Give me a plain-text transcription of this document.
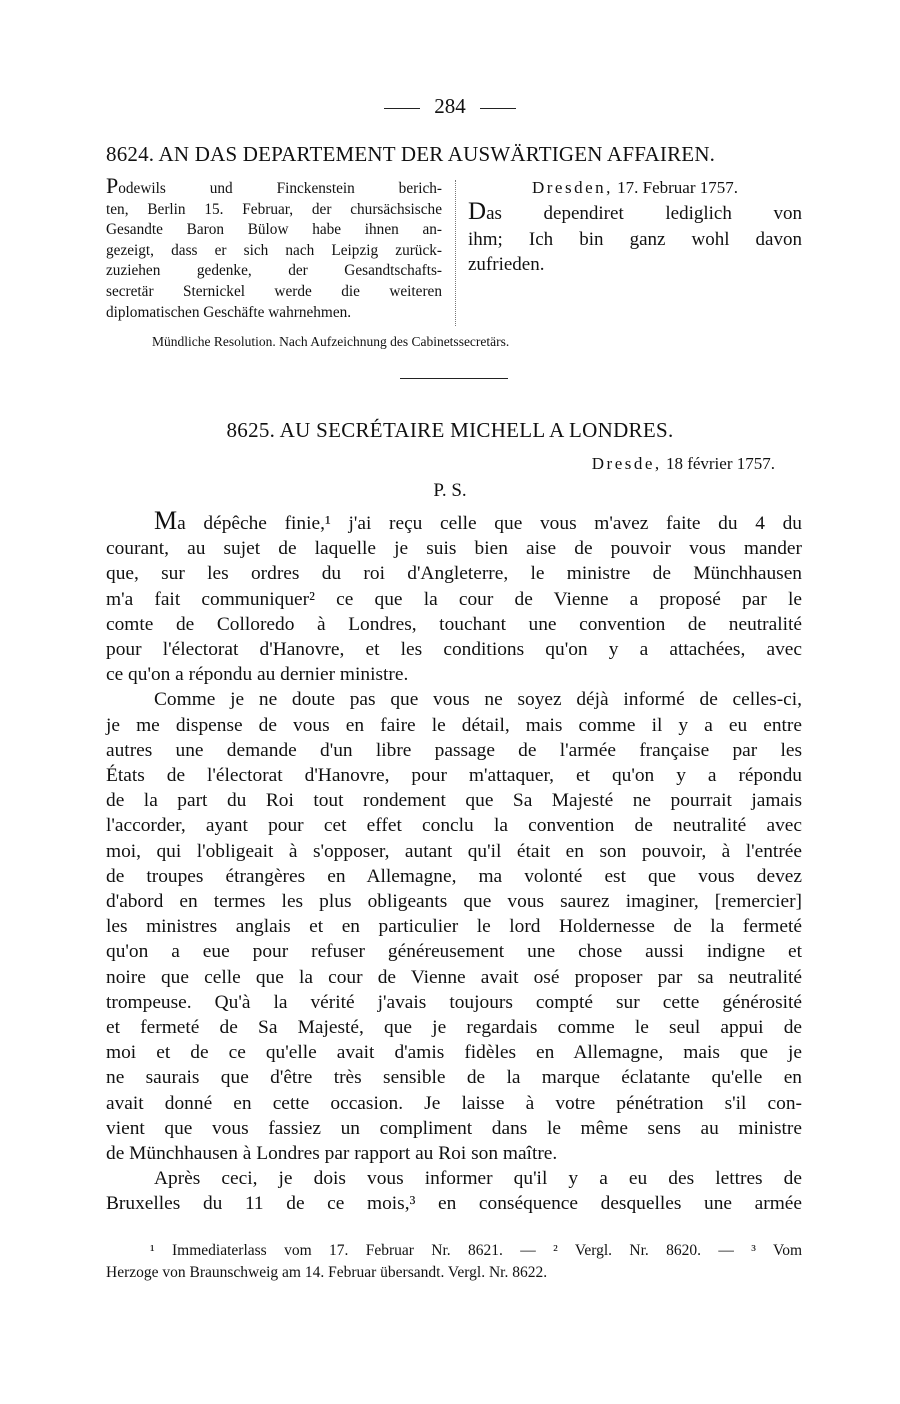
284
8624. AN DAS DEPARTEMENT DER AUSWÄRTIGEN AFFAIREN.
Podewils und Finckenstein berich-
ten, Berlin 15. Februar, der chursächsische
Gesandte Baron Bülow habe ihnen an-
gezeigt, dass er sich nach Leipzig zurück-
zuziehen gedenke, der Gesandtschafts-
secretär Sternickel werde die weiteren
diplomatischen Geschäfte wahrnehmen.
Dresden, 17. Februar 1757.
Das dependiret lediglich von
ihm; Ich bin ganz wohl davon
zufrieden.
Mündliche Resolution. Nach Aufzeichnung des Cabinetssecretärs.
8625. AU SECRÉTAIRE MICHELL A LONDRES.
Dresde, 18 février 1757.
P. S.
Ma dépêche finie,¹ j'ai reçu celle que vous m'avez faite du 4 du
courant, au sujet de laquelle je suis bien aise de pouvoir vous mander
que, sur les ordres du roi d'Angleterre, le ministre de Münchhausen
m'a fait communiquer² ce que la cour de Vienne a proposé par le
comte de Colloredo à Londres, touchant une convention de neutralité
pour l'électorat d'Hanovre, et les conditions qu'on y a attachées, avec
ce qu'on a répondu au dernier ministre.
Comme je ne doute pas que vous ne soyez déjà informé de celles-ci,
je me dispense de vous en faire le détail, mais comme il y a eu entre
autres une demande d'un libre passage de l'armée française par les
États de l'électorat d'Hanovre, pour m'attaquer, et qu'on y a répondu
de la part du Roi tout rondement que Sa Majesté ne pourrait jamais
l'accorder, ayant pour cet effet conclu la convention de neutralité avec
moi, qui l'obligeait à s'opposer, autant qu'il était en son pouvoir, à l'entrée
de troupes étrangères en Allemagne, ma volonté est que vous devez
d'abord en termes les plus obligeants que vous saurez imaginer, [remercier]
les ministres anglais et en particulier le lord Holdernesse de la fermeté
qu'on a eue pour refuser généreusement une chose aussi indigne et
noire que celle que la cour de Vienne avait osé proposer par sa neutralité
trompeuse. Qu'à la vérité j'avais toujours compté sur cette générosité
et fermeté de Sa Majesté, que je regardais comme le seul appui de
moi et de ce qu'elle avait d'amis fidèles en Allemagne, mais que je
ne saurais que d'être très sensible de la marque éclatante qu'elle en
avait donné en cette occasion. Je laisse à votre pénétration s'il con-
vient que vous fassiez un compliment dans le même sens au ministre
de Münchhausen à Londres par rapport au Roi son maître.
Après ceci, je dois vous informer qu'il y a eu des lettres de
Bruxelles du 11 de ce mois,³ en conséquence desquelles une armée
¹ Immediaterlass vom 17. Februar Nr. 8621. — ² Vergl. Nr. 8620. — ³ Vom
Herzoge von Braunschweig am 14. Februar übersandt. Vergl. Nr. 8622.
